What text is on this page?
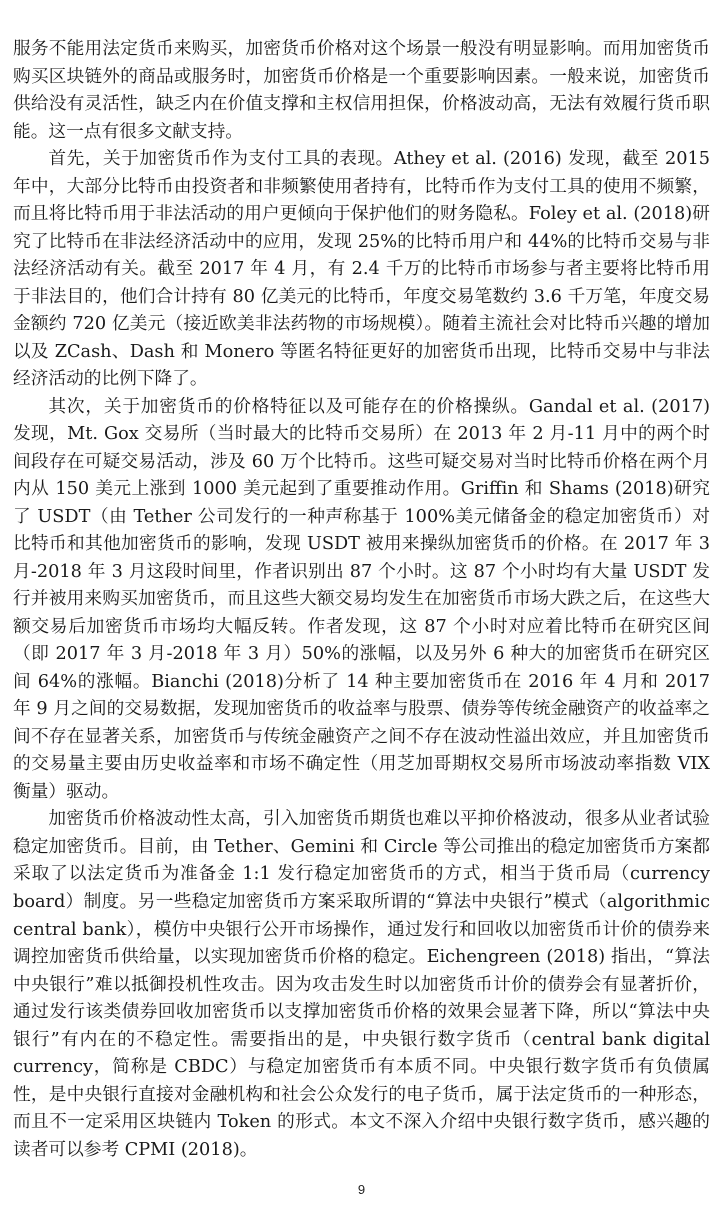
服务不能用法定货币来购买，加密货币价格对这个场景一般没有明显影响。而用加密货币购买区块链外的商品或服务时，加密货币价格是一个重要影响因素。一般来说，加密货币供给没有灵活性，缺乏内在价值支撑和主权信用担保，价格波动高，无法有效履行货币职能。这一点有很多文献支持。

首先，关于加密货币作为支付工具的表现。Athey et al. (2016) 发现，截至 2015 年中，大部分比特币由投资者和非频繁使用者持有，比特币作为支付工具的使用不频繁，而且将比特币用于非法活动的用户更倾向于保护他们的财务隐私。Foley et al. (2018)研究了比特币在非法经济活动中的应用，发现 25%的比特币用户和 44%的比特币交易与非法经济活动有关。截至 2017 年 4 月，有 2.4 千万的比特币市场参与者主要将比特币用于非法目的，他们合计持有 80 亿美元的比特币，年度交易笔数约 3.6 千万笔，年度交易金额约 720 亿美元（接近欧美非法药物的市场规模）。随着主流社会对比特币兴趣的增加以及 ZCash、Dash 和 Monero 等匿名特征更好的加密货币出现，比特币交易中与非法经济活动的比例下降了。

其次，关于加密货币的价格特征以及可能存在的价格操纵。Gandal et al. (2017) 发现，Mt. Gox 交易所（当时最大的比特币交易所）在 2013 年 2 月-11 月中的两个时间段存在可疑交易活动，涉及 60 万个比特币。这些可疑交易对当时比特币价格在两个月内从 150 美元上涨到 1000 美元起到了重要推动作用。Griffin 和 Shams (2018)研究了 USDT（由 Tether 公司发行的一种声称基于 100%美元储备金的稳定加密货币）对比特币和其他加密货币的影响，发现 USDT 被用来操纵加密货币的价格。在 2017 年 3 月-2018 年 3 月这段时间里，作者识别出 87 个小时。这 87 个小时均有大量 USDT 发行并被用来购买加密货币，而且这些大额交易均发生在加密货币市场大跌之后，在这些大额交易后加密货币市场均大幅反转。作者发现，这 87 个小时对应着比特币在研究区间（即 2017 年 3 月-2018 年 3 月）50%的涨幅，以及另外 6 种大的加密货币在研究区间 64%的涨幅。Bianchi (2018)分析了 14 种主要加密货币在 2016 年 4 月和 2017 年 9 月之间的交易数据，发现加密货币的收益率与股票、债券等传统金融资产的收益率之间不存在显著关系，加密货币与传统金融资产之间不存在波动性溢出效应，并且加密货币的交易量主要由历史收益率和市场不确定性（用芝加哥期权交易所市场波动率指数 VIX 衡量）驱动。

加密货币价格波动性太高，引入加密货币期货也难以平抑价格波动，很多从业者试验稳定加密货币。目前，由 Tether、Gemini 和 Circle 等公司推出的稳定加密货币方案都采取了以法定货币为准备金 1:1 发行稳定加密货币的方式，相当于货币局（currency board）制度。另一些稳定加密货币方案采取所谓的“算法中央银行”模式（algorithmic central bank），模仿中央银行公开市场操作，通过发行和回收以加密货币计价的债券来调控加密货币供给量，以实现加密货币价格的稳定。Eichengreen (2018) 指出，“算法中央银行”难以抵御投机性攻击。因为攻击发生时以加密货币计价的债券会有显著折价，通过发行该类债券回收加密货币以支撑加密货币价格的效果会显著下降，所以“算法中央银行”有内在的不稳定性。需要指出的是，中央银行数字货币（central bank digital currency，简称是 CBDC）与稳定加密货币有本质不同。中央银行数字货币有负债属性，是中央银行直接对金融机构和社会公众发行的电子货币，属于法定货币的一种形态，而且不一定采用区块链内 Token 的形式。本文不深入介绍中央银行数字货币，感兴趣的读者可以参考 CPMI (2018)。

9
